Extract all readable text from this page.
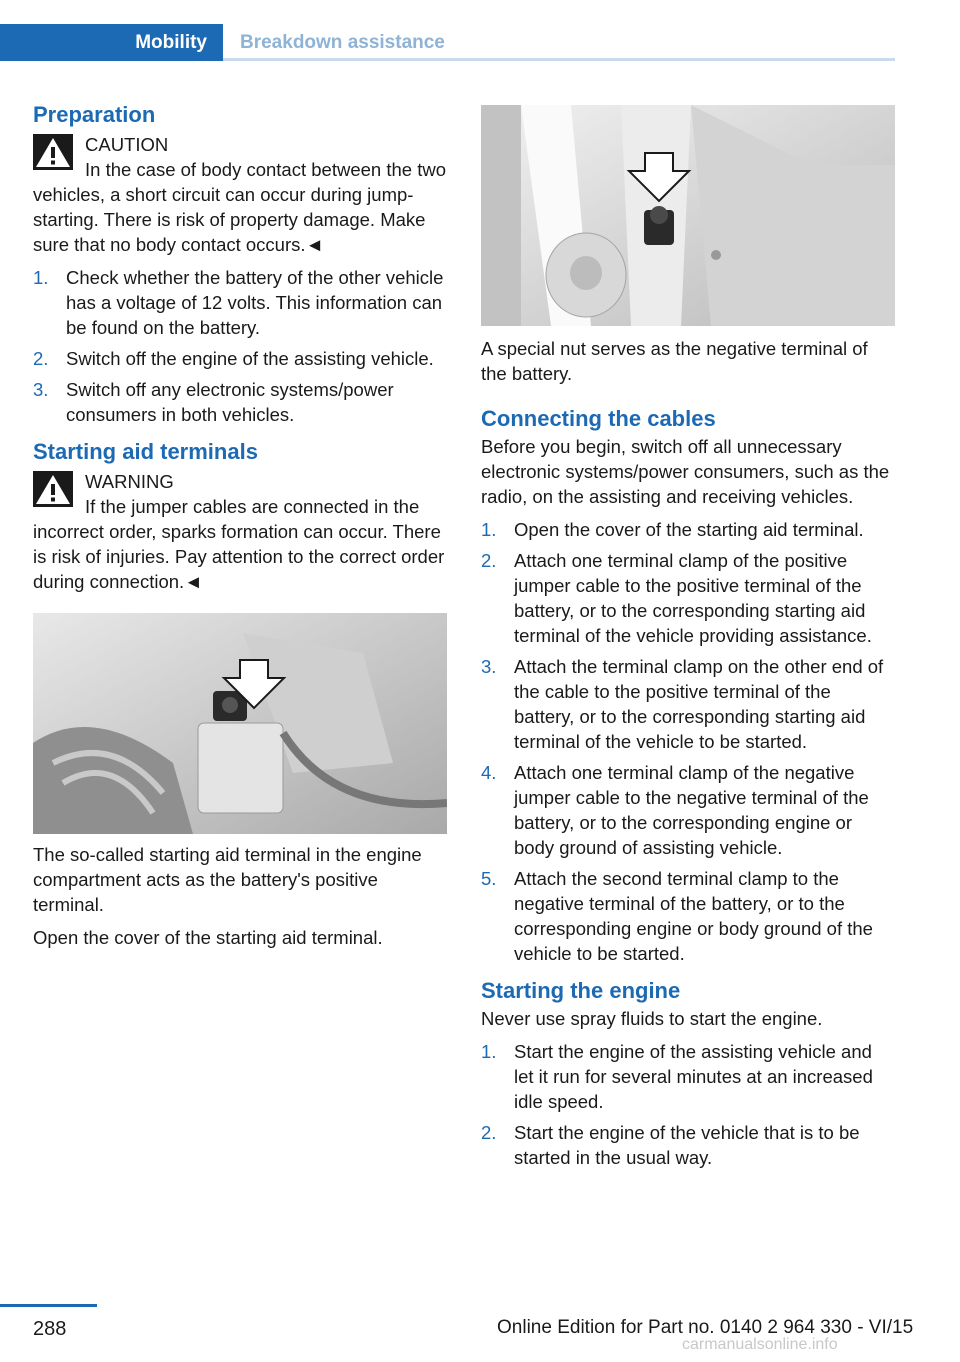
Mobility	Breakdown assistance
Preparation
CAUTION

In the case of body contact between the two vehicles, a short circuit can occur during jump-starting. There is risk of property damage. Make sure that no body contact occurs.◄

1. Check whether the battery of the other vehicle has a voltage of 12 volts. This information can be found on the battery.
2. Switch off the engine of the assisting vehicle.
3. Switch off any electronic systems/power consumers in both vehicles.
Starting aid terminals
WARNING

If the jumper cables are connected in the incorrect order, sparks formation can occur. There is risk of injuries. Pay attention to the correct order during connection.◄

The so-called starting aid terminal in the engine compartment acts as the battery's positive terminal.

Open the cover of the starting aid terminal.

A special nut serves as the negative terminal of the battery.

Connecting the cables

Before you begin, switch off all unnecessary electronic systems/power consumers, such as the radio, on the assisting and receiving vehicles.

1. Open the cover of the starting aid terminal.
2. Attach one terminal clamp of the positive jumper cable to the positive terminal of the battery, or to the corresponding starting aid terminal of the vehicle providing assistance.
3. Attach the terminal clamp on the other end of the cable to the positive terminal of the battery, or to the corresponding starting aid terminal of the vehicle to be started.
4. Attach one terminal clamp of the negative jumper cable to the negative terminal of the battery, or to the corresponding engine or body ground of assisting vehicle.
5. Attach the second terminal clamp to the negative terminal of the battery, or to the corresponding engine or body ground of the vehicle to be started.
Starting the engine

Never use spray fluids to start the engine.

1. Start the engine of the assisting vehicle and let it run for several minutes at an increased idle speed.
2. Start the engine of the vehicle that is to be started in the usual way.
288	Online Edition for Part no. 0140 2 964 330 - VI/15
carmanualsonline.info
